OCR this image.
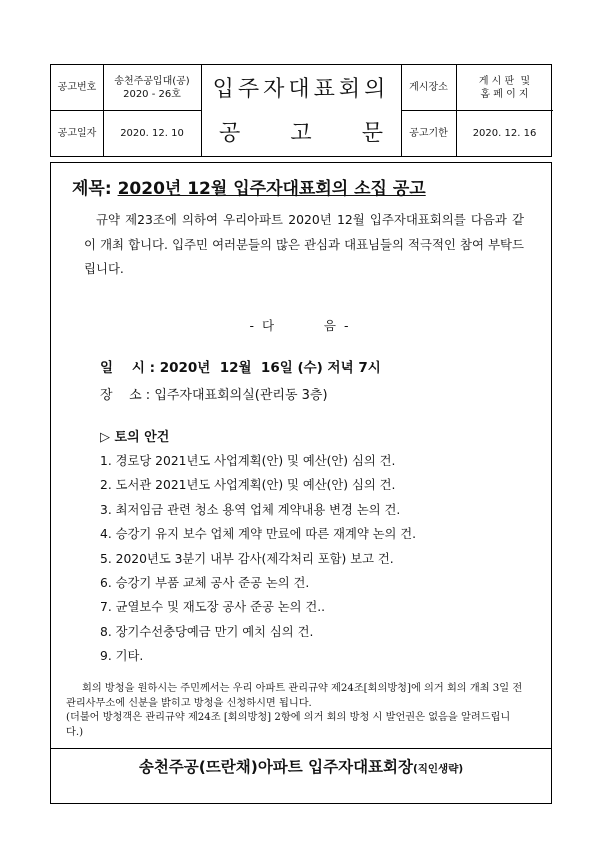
공고번호
송천주공입대(공)
2020 - 26호
공고일자	2020. 12. 10
입주자대표회의
공 고 문
게시장소
게 시 판  및
홈 페 이 지
공고기한	2020. 12. 16
제목: 2020년 12월 입주자대표회의 소집 공고
규약 제23조에 의하여 우리아파트 2020년 12월 입주자대표회의를 다음과 같이 개최 합니다. 입주민 여러분들의 많은 관심과 대표님들의 적극적인 참여 부탁드립니다.
- 다        음 -
일    시 : 2020년  12월  16일 (수) 저녁 7시
장    소 : 입주자대표회의실(관리동 3층)
▷ 토의 안건
1. 경로당 2021년도 사업계획(안) 및 예산(안) 심의 건.
2. 도서관 2021년도 사업계획(안) 및 예산(안) 심의 건.
3. 최저임금 관련 청소 용역 업체 계약내용 변경 논의 건.
4. 승강기 유지 보수 업체 계약 만료에 따른 재계약 논의 건.
5. 2020년도 3분기 내부 감사(제각처리 포함) 보고 건.
6. 승강기 부품 교체 공사 준공 논의 건.
7. 균열보수 및 재도장 공사 준공 논의 건..
8. 장기수선충당예금 만기 예치 심의 건.
9. 기타.

회의 방청을 원하시는 주민께서는 우리 아파트 관리규약 제24조[회의방청]에 의거 회의 개최 3일 전 관리사무소에 신분을 밝히고 방청을 신청하시면 됩니다.

(더불어 방청객은 관리규약 제24조 [회의방청] 2항에 의거 회의 방청 시 발언권은 없음을 알려드립니다.)

송천주공(뜨란채)아파트 입주자대표회장(직인생략)
